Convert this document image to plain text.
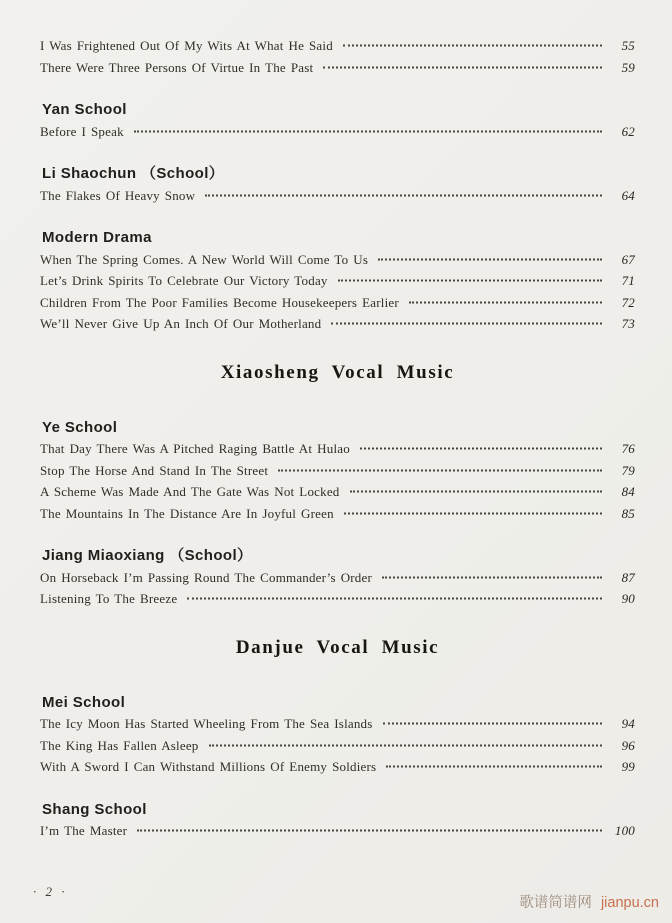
I Was Frightened Out Of My Wits At What He Said	55
There Were Three Persons Of Virtue In The Past	59
Yan School
Before I Speak	62
Li Shaochun （School）
The Flakes Of Heavy Snow	64
Modern Drama
When The Spring Comes. A New World Will Come To Us	67
Let’s Drink Spirits To Celebrate Our Victory Today	71
Children From The Poor Families Become Housekeepers Earlier	72
We’ll Never Give Up An Inch Of Our Motherland	73
Xiaosheng Vocal Music
Ye School
That Day There Was A Pitched Raging Battle At Hulao	76
Stop The Horse And Stand In The Street	79
A Scheme Was Made And The Gate Was Not Locked	84
The Mountains In The Distance Are In Joyful Green	85
Jiang Miaoxiang （School）
On Horseback I’m Passing Round The Commander’s Order	87
Listening To The Breeze	90
Danjue Vocal Music
Mei School
The Icy Moon Has Started Wheeling From The Sea Islands	94
The King Has Fallen Asleep	96
With A Sword I Can Withstand Millions Of Enemy Soldiers	99
Shang School
I’m The Master	100
· 2 ·
歌谱简谱网 jianpu.cn
